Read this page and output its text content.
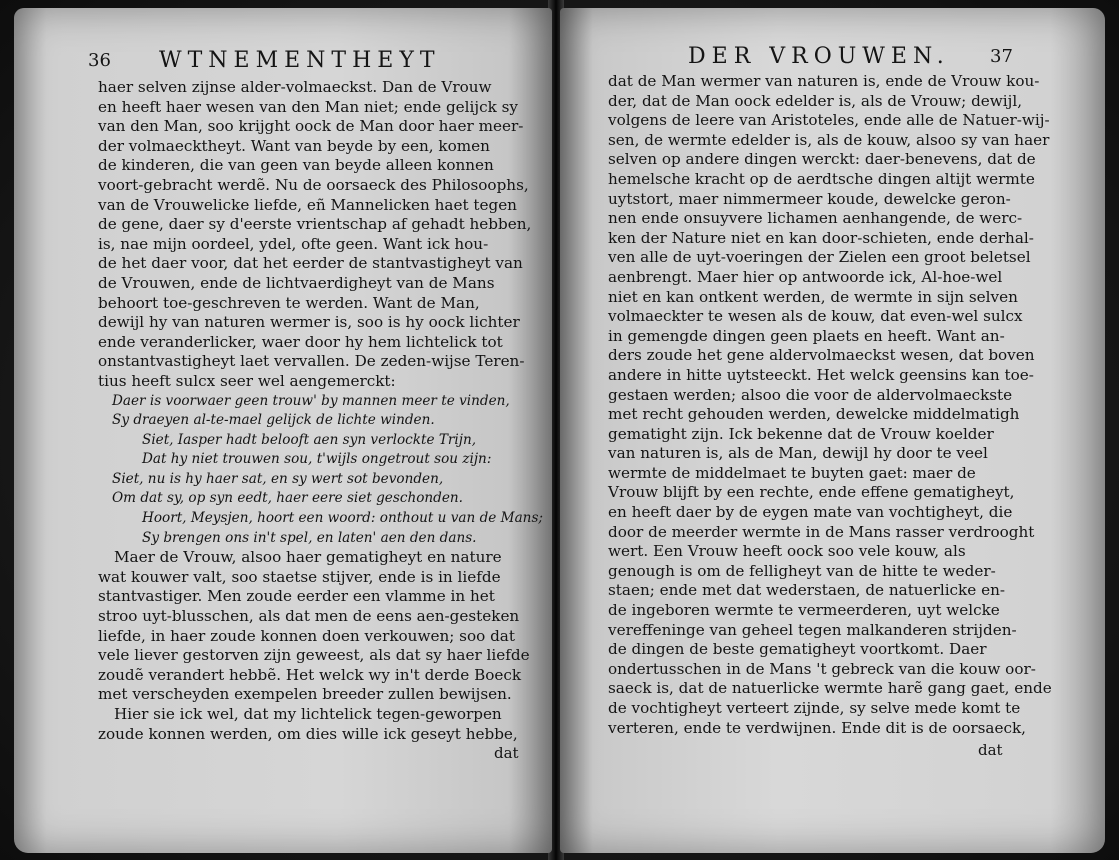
36 WTNEMENTHEYT
haer selven zijnse alder-volmaeckst. Dan de Vrouw
en heeft haer wesen van den Man niet; ende gelijck sy
van den Man, soo krijght oock de Man door haer meer-
der volmaecktheyt. Want van beyde by een, komen
de kinderen, die van geen van beyde alleen konnen
voort-gebracht werdẽ. Nu de oorsaeck des Philosoophs,
van de Vrouwelicke liefde, eñ Mannelicken haet tegen
de gene, daer sy d'eerste vrientschap af gehadt hebben,
is, nae mijn oordeel, ydel, ofte geen. Want ick hou-
de het daer voor, dat het eerder de stantvastigheyt van
de Vrouwen, ende de lichtvaerdigheyt van de Mans
behoort toe-geschreven te werden. Want de Man,
dewijl hy van naturen wermer is, soo is hy oock lichter
ende veranderlicker, waer door hy hem lichtelick tot
onstantvastigheyt laet vervallen. De zeden-wijse Teren-
tius heeft sulcx seer wel aengemerckt:
Daer is voorwaer geen trouw' by mannen meer te vinden,
Sy draeyen al-te-mael gelijck de lichte winden.
Siet, Iasper hadt belooft aen syn verlockte Trijn,
Dat hy niet trouwen sou, t'wijls ongetrout sou zijn:
Siet, nu is hy haer sat, en sy wert sot bevonden,
Om dat sy, op syn eedt, haer eere siet geschonden.
Hoort, Meysjen, hoort een woord: onthout u van de Mans;
Sy brengen ons in't spel, en laten' aen den dans.
Maer de Vrouw, alsoo haer gematigheyt en nature
wat kouwer valt, soo staetse stijver, ende is in liefde
stantvastiger. Men zoude eerder een vlamme in het
stroo uyt-blusschen, als dat men de eens aen-gesteken
liefde, in haer zoude konnen doen verkouwen; soo dat
vele liever gestorven zijn geweest, als dat sy haer liefde
zoudẽ verandert hebbẽ. Het welck wy in't derde Boeck
met verscheyden exempelen breeder zullen bewijsen.
Hier sie ick wel, dat my lichtelick tegen-geworpen
zoude konnen werden, om dies wille ick geseyt hebbe,
dat
DER VROUWEN. 37
dat de Man wermer van naturen is, ende de Vrouw kou-
der, dat de Man oock edelder is, als de Vrouw; dewijl,
volgens de leere van Aristoteles, ende alle de Natuer-wij-
sen, de wermte edelder is, als de kouw, alsoo sy van haer
selven op andere dingen werckt: daer-benevens, dat de
hemelsche kracht op de aerdtsche dingen altijt wermte
uytstort, maer nimmermeer koude, dewelcke geron-
nen ende onsuyvere lichamen aenhangende, de werc-
ken der Nature niet en kan door-schieten, ende derhal-
ven alle de uyt-voeringen der Zielen een groot beletsel
aenbrengt. Maer hier op antwoorde ick, Al-hoe-wel
niet en kan ontkent werden, de wermte in sijn selven
volmaeckter te wesen als de kouw, dat even-wel sulcx
in gemengde dingen geen plaets en heeft. Want an-
ders zoude het gene aldervolmaeckst wesen, dat boven
andere in hitte uytsteeckt. Het welck geensins kan toe-
gestaen werden; alsoo die voor de aldervolmaeckste
met recht gehouden werden, dewelcke middelmatigh
gematight zijn. Ick bekenne dat de Vrouw koelder
van naturen is, als de Man, dewijl hy door te veel
wermte de middelmaet te buyten gaet: maer de
Vrouw blijft by een rechte, ende effene gematigheyt,
en heeft daer by de eygen mate van vochtigheyt, die
door de meerder wermte in de Mans rasser verdrooght
wert. Een Vrouw heeft oock soo vele kouw, als
genough is om de felligheyt van de hitte te weder-
staen; ende met dat wederstaen, de natuerlicke en-
de ingeboren wermte te vermeerderen, uyt welcke
vereffeninge van geheel tegen malkanderen strijden-
de dingen de beste gematigheyt voortkomt. Daer
ondertusschen in de Mans 't gebreck van die kouw oor-
saeck is, dat de natuerlicke wermte harẽ gang gaet, ende
de vochtigheyt verteert zijnde, sy selve mede komt te
verteren, ende te verdwijnen. Ende dit is de oorsaeck,
dat
